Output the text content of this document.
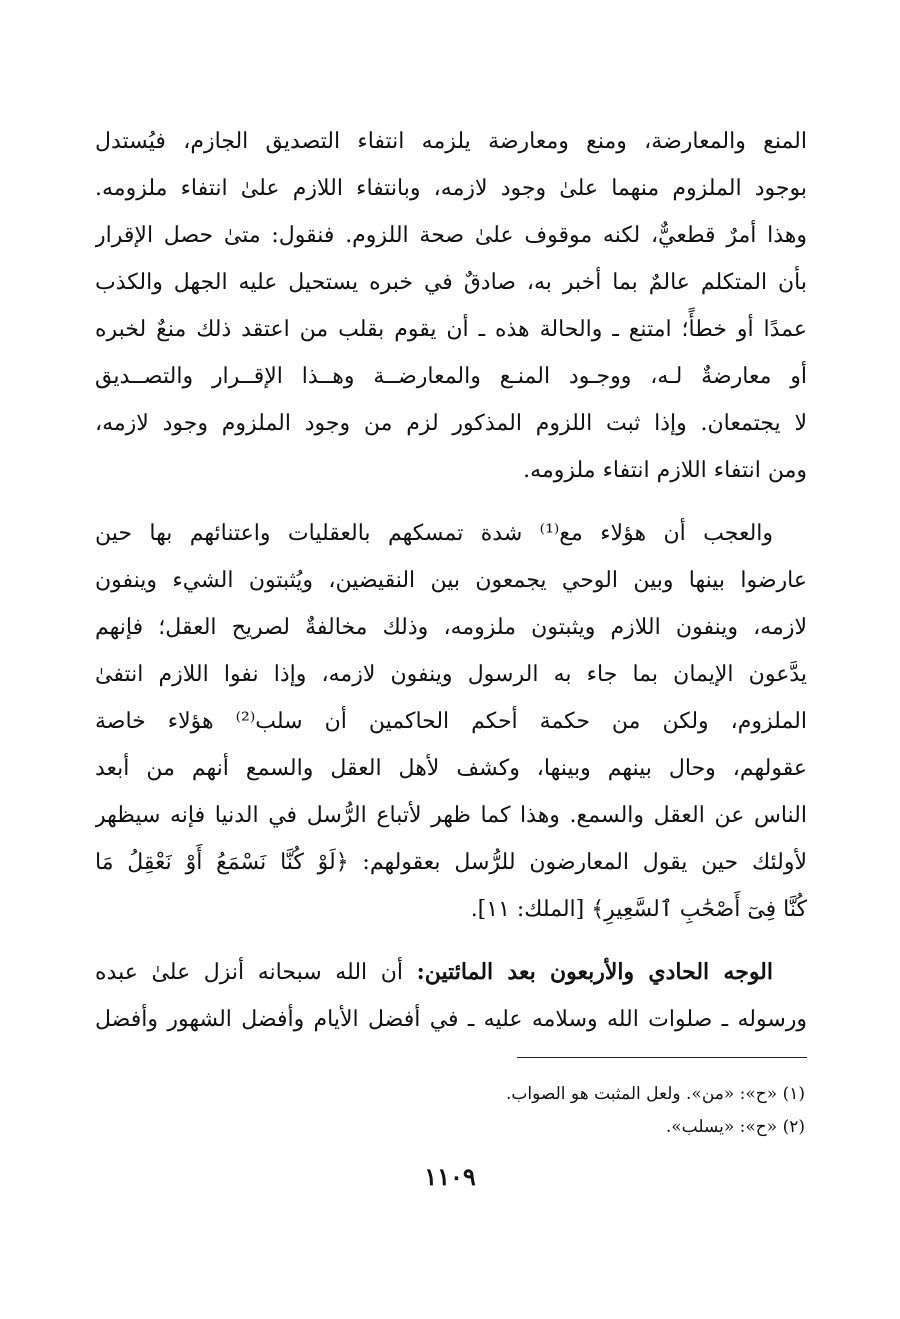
المنع والمعارضة، ومنع ومعارضة يلزمه انتفاء التصديق الجازم، فيُستدل
بوجود الملزوم منهما علىٰ وجود لازمه، وبانتفاء اللازم علىٰ انتفاء ملزومه.
وهذا أمرٌ قطعيٌّ، لكنه موقوف علىٰ صحة اللزوم. فنقول: متىٰ حصل الإقرار
بأن المتكلم عالمٌ بما أخبر به، صادقٌ في خبره يستحيل عليه الجهل والكذب
عمدًا أو خطأً؛ امتنع ـ والحالة هذه ـ أن يقوم بقلب من اعتقد ذلك منعٌ لخبره
أو معارضةٌ لـه، ووجـود المنـع والمعارضــة وهــذا الإقــرار والتصــديق
لا يجتمعان. وإذا ثبت اللزوم المذكور لزم من وجود الملزوم وجود لازمه،
ومن انتفاء اللازم انتفاء ملزومه.
والعجب أن هؤلاء مع⁽¹⁾ شدة تمسكهم بالعقليات واعتنائهم بها حين
عارضوا بينها وبين الوحي يجمعون بين النقيضين، ويُثبتون الشيء وينفون
لازمه، وينفون اللازم ويثبتون ملزومه، وذلك مخالفةٌ لصريح العقل؛ فإنهم
يدَّعون الإيمان بما جاء به الرسول وينفون لازمه، وإذا نفوا اللازم انتفىٰ
الملزوم، ولكن من حكمة أحكم الحاكمين أن سلب⁽²⁾ هؤلاء خاصة
عقولهم، وحال بينهم وبينها، وكشف لأهل العقل والسمع أنهم من أبعد
الناس عن العقل والسمع. وهذا كما ظهر لأتباع الرُّسل في الدنيا فإنه سيظهر
لأولئك حين يقول المعارضون للرُّسل بعقولهم: ﴿لَوْ كُنَّا نَسْمَعُ أَوْ نَعْقِلُ مَا
كُنَّا فِىٓ أَصْحَٰبِ ٱلسَّعِيرِ﴾ [الملك: ١١].
الوجه الحادي والأربعون بعد المائتين: أن الله سبحانه أنزل علىٰ عبده
ورسوله ـ صلوات الله وسلامه عليه ـ في أفضل الأيام وأفضل الشهور وأفضل
(١) «ح»: «من». ولعل المثبت هو الصواب.
(٢) «ح»: «يسلب».
١١٠٩
